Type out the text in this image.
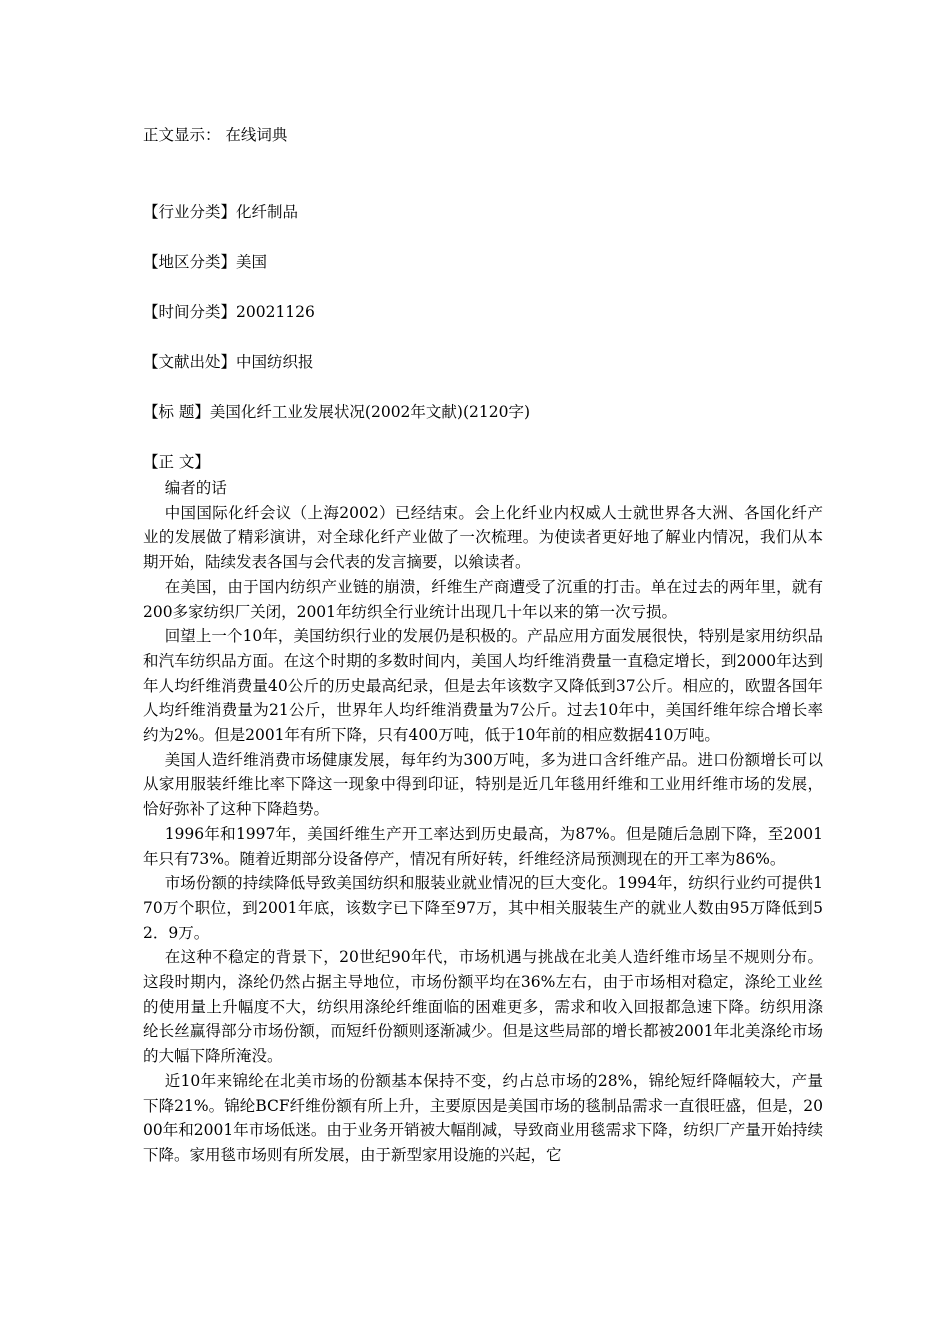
正文显示： 在线词典
【行业分类】化纤制品
【地区分类】美国
【时间分类】20021126
【文献出处】中国纺织报
【标 题】美国化纤工业发展状况(2002年文献)(2120字)
【正 文】
编者的话
中国国际化纤会议（上海2002）已经结束。会上化纤业内权威人士就世界各大洲、各国化纤产业的发展做了精彩演讲，对全球化纤产业做了一次梳理。为使读者更好地了解业内情况，我们从本期开始，陆续发表各国与会代表的发言摘要，以飨读者。
在美国，由于国内纺织产业链的崩溃，纤维生产商遭受了沉重的打击。单在过去的两年里，就有200多家纺织厂关闭，2001年纺织全行业统计出现几十年以来的第一次亏损。
回望上一个10年，美国纺织行业的发展仍是积极的。产品应用方面发展很快，特别是家用纺织品和汽车纺织品方面。在这个时期的多数时间内，美国人均纤维消费量一直稳定增长，到2000年达到年人均纤维消费量40公斤的历史最高纪录，但是去年该数字又降低到37公斤。相应的，欧盟各国年人均纤维消费量为21公斤，世界年人均纤维消费量为7公斤。过去10年中，美国纤维年综合增长率约为2%。但是2001年有所下降，只有400万吨，低于10年前的相应数据410万吨。
美国人造纤维消费市场健康发展，每年约为300万吨，多为进口含纤维产品。进口份额增长可以从家用服装纤维比率下降这一现象中得到印证，特别是近几年毯用纤维和工业用纤维市场的发展，恰好弥补了这种下降趋势。
1996年和1997年，美国纤维生产开工率达到历史最高，为87%。但是随后急剧下降，至2001年只有73%。随着近期部分设备停产，情况有所好转，纤维经济局预测现在的开工率为86%。
市场份额的持续降低导致美国纺织和服装业就业情况的巨大变化。1994年，纺织行业约可提供170万个职位，到2001年底，该数字已下降至97万，其中相关服装生产的就业人数由95万降低到52．9万。
在这种不稳定的背景下，20世纪90年代，市场机遇与挑战在北美人造纤维市场呈不规则分布。这段时期内，涤纶仍然占据主导地位，市场份额平均在36%左右，由于市场相对稳定，涤纶工业丝的使用量上升幅度不大，纺织用涤纶纤维面临的困难更多，需求和收入回报都急速下降。纺织用涤纶长丝赢得部分市场份额，而短纤份额则逐渐减少。但是这些局部的增长都被2001年北美涤纶市场的大幅下降所淹没。
近10年来锦纶在北美市场的份额基本保持不变，约占总市场的28%，锦纶短纤降幅较大，产量下降21%。锦纶BCF纤维份额有所上升，主要原因是美国市场的毯制品需求一直很旺盛，但是，2000年和2001年市场低迷。由于业务开销被大幅削减，导致商业用毯需求下降，纺织厂产量开始持续下降。家用毯市场则有所发展，由于新型家用设施的兴起，它
